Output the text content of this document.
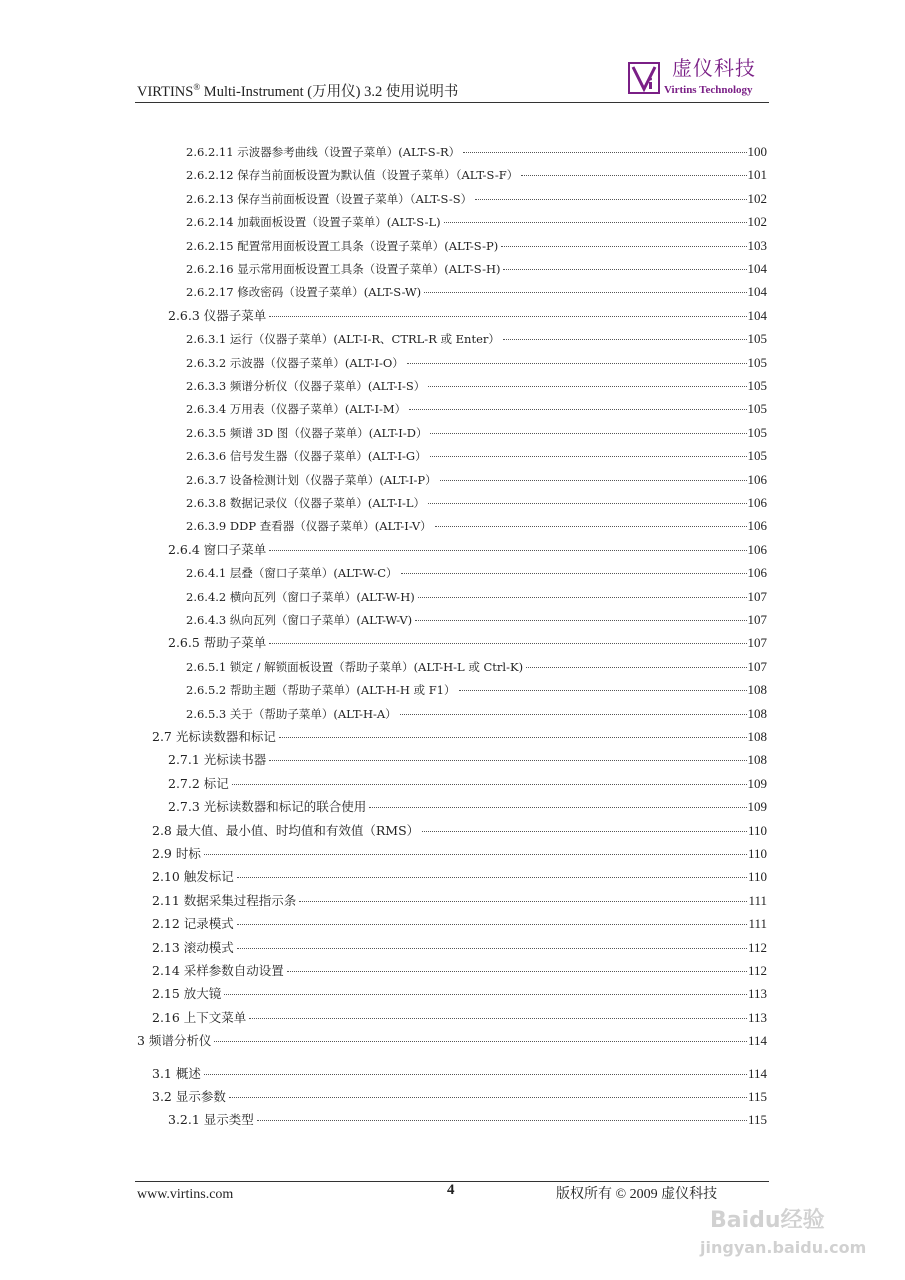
VIRTINS® Multi-Instrument (万用仪) 3.2 使用说明书
虚仪科技
Virtins Technology
2.6.2.11 示波器参考曲线（设置子菜单）(ALT-S-R）	100
2.6.2.12 保存当前面板设置为默认值（设置子菜单）（ALT-S-F）	101
2.6.2.13 保存当前面板设置（设置子菜单）（ALT-S-S）	102
2.6.2.14 加载面板设置（设置子菜单）(ALT-S-L)	102
2.6.2.15 配置常用面板设置工具条（设置子菜单）(ALT-S-P)	103
2.6.2.16 显示常用面板设置工具条（设置子菜单）(ALT-S-H)	104
2.6.2.17 修改密码（设置子菜单）(ALT-S-W)	104
2.6.3 仪器子菜单	104
2.6.3.1 运行（仪器子菜单）(ALT-I-R、CTRL-R 或 Enter）	105
2.6.3.2 示波器（仪器子菜单）(ALT-I-O）	105
2.6.3.3 频谱分析仪（仪器子菜单）(ALT-I-S）	105
2.6.3.4 万用表（仪器子菜单）(ALT-I-M）	105
2.6.3.5 频谱 3D 图（仪器子菜单）(ALT-I-D）	105
2.6.3.6 信号发生器（仪器子菜单）(ALT-I-G）	105
2.6.3.7 设备检测计划（仪器子菜单）(ALT-I-P）	106
2.6.3.8 数据记录仪（仪器子菜单）(ALT-I-L）	106
2.6.3.9 DDP 查看器（仪器子菜单）(ALT-I-V）	106
2.6.4 窗口子菜单	106
2.6.4.1 层叠（窗口子菜单）(ALT-W-C）	106
2.6.4.2 横向瓦列（窗口子菜单）(ALT-W-H)	107
2.6.4.3 纵向瓦列（窗口子菜单）(ALT-W-V)	107
2.6.5 帮助子菜单	107
2.6.5.1 锁定 / 解锁面板设置（帮助子菜单）(ALT-H-L 或 Ctrl-K)	107
2.6.5.2 帮助主题（帮助子菜单）(ALT-H-H 或 F1）	108
2.6.5.3 关于（帮助子菜单）(ALT-H-A）	108
2.7 光标读数器和标记	108
2.7.1 光标读书器	108
2.7.2 标记	109
2.7.3 光标读数器和标记的联合使用	109
2.8 最大值、最小值、时均值和有效值（RMS）	110
2.9 时标	110
2.10 触发标记	110
2.11 数据采集过程指示条	111
2.12 记录模式	111
2.13 滚动模式	112
2.14 采样参数自动设置	112
2.15 放大镜	113
2.16 上下文菜单	113
3 频谱分析仪	114
3.1 概述	114
3.2 显示参数	115
3.2.1 显示类型	115
www.virtins.com	4	版权所有 © 2009 虚仪科技
Baidu经验
jingyan.baidu.com
